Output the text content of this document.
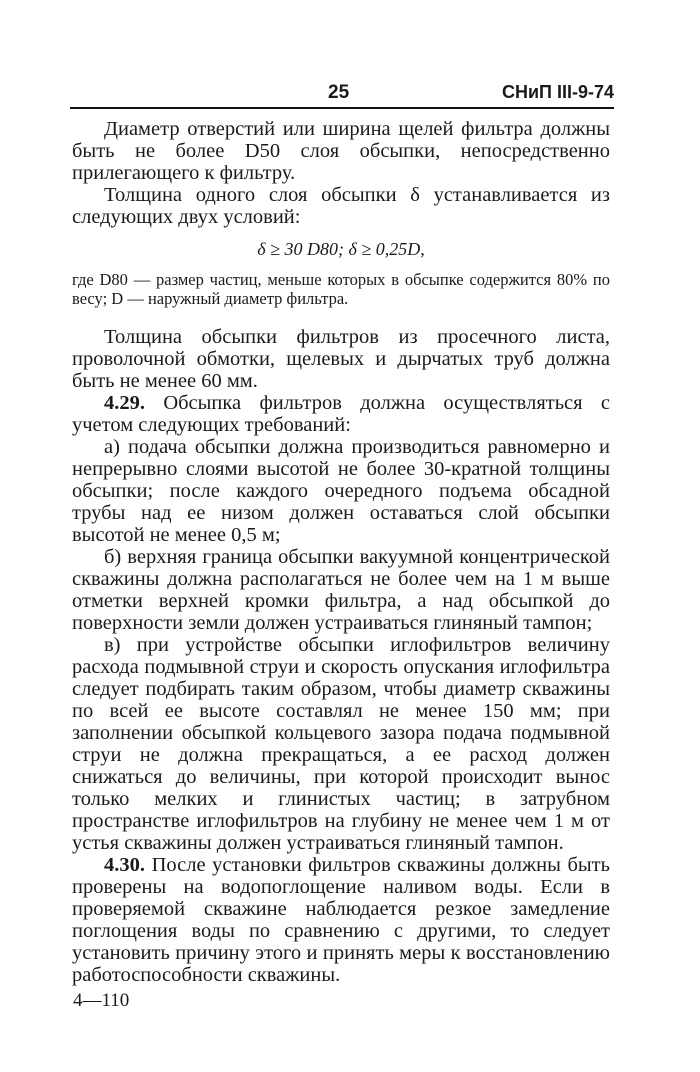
25	СНиП III-9-74

Диаметр отверстий или ширина щелей фильтра должны быть не более D50 слоя обсыпки, непосредственно прилегающего к фильтру.

Толщина одного слоя обсыпки δ устанавливается из следующих двух условий:

δ ≥ 30 D80; δ ≥ 0,25D,

где D80 — размер частиц, меньше которых в обсыпке содержится 80% по весу; D — наружный диаметр фильтра.

Толщина обсыпки фильтров из просечного листа, проволочной обмотки, щелевых и дырчатых труб должна быть не менее 60 мм.

4.29. Обсыпка фильтров должна осуществляться с учетом следующих требований:

а) подача обсыпки должна производиться равномерно и непрерывно слоями высотой не более 30-кратной толщины обсыпки; после каждого очередного подъема обсадной трубы над ее низом должен оставаться слой обсыпки высотой не менее 0,5 м;

б) верхняя граница обсыпки вакуумной концентрической скважины должна располагаться не более чем на 1 м выше отметки верхней кромки фильтра, а над обсыпкой до поверхности земли должен устраиваться глиняный тампон;

в) при устройстве обсыпки иглофильтров величину расхода подмывной струи и скорость опускания иглофильтра следует подбирать таким образом, чтобы диаметр скважины по всей ее высоте составлял не менее 150 мм; при заполнении обсыпкой кольцевого зазора подача подмывной струи не должна прекращаться, а ее расход должен снижаться до величины, при которой происходит вынос только мелких и глинистых частиц; в затрубном пространстве иглофильтров на глубину не менее чем 1 м от устья скважины должен устраиваться глиняный тампон.

4.30. После установки фильтров скважины должны быть проверены на водопоглощение наливом воды. Если в проверяемой скважине наблюдается резкое замедление поглощения воды по сравнению с другими, то следует установить причину этого и принять меры к восстановлению работоспособности скважины.

4—110
